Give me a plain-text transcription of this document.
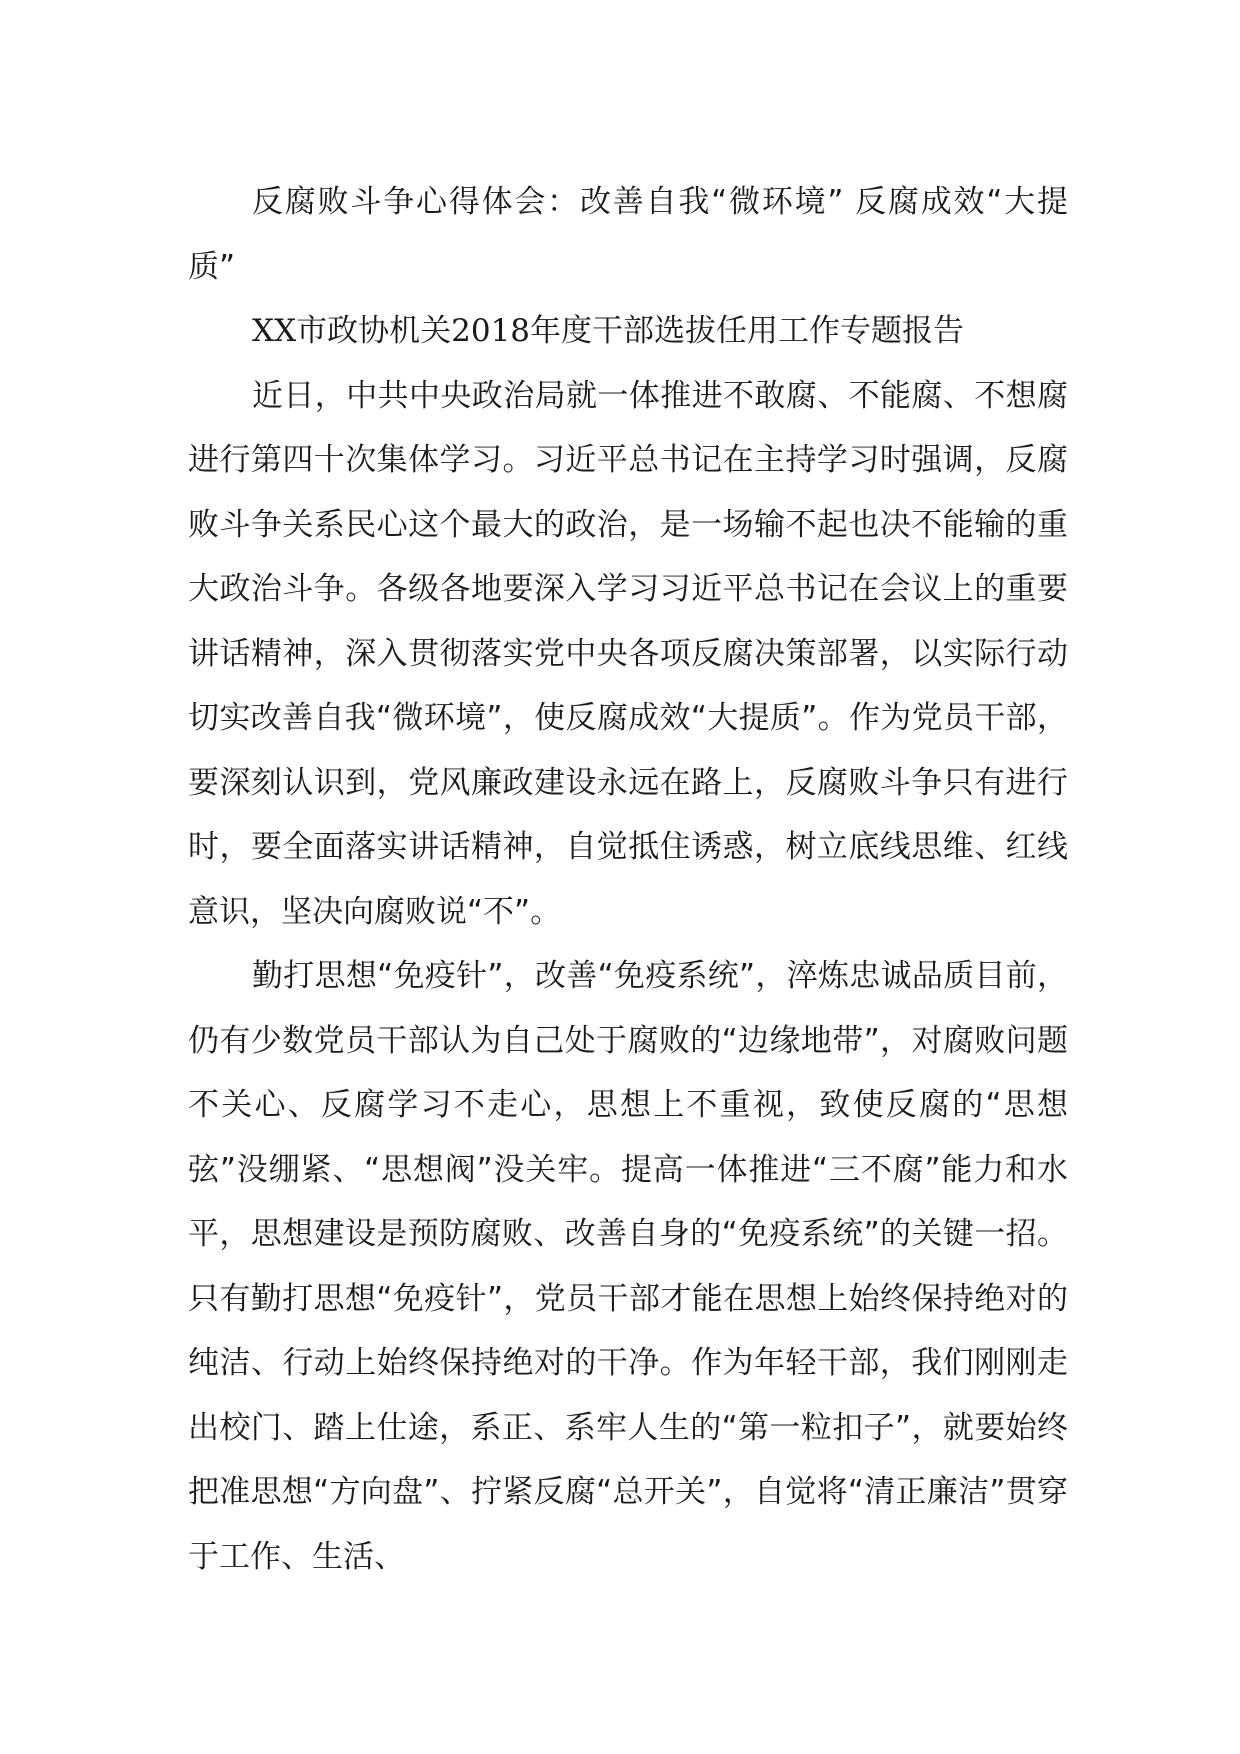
反腐败斗争心得体会：改善自我“微环境” 反腐成效“大提质”

XX市政协机关2018年度干部选拔任用工作专题报告

近日，中共中央政治局就一体推进不敢腐、不能腐、不想腐进行第四十次集体学习。习近平总书记在主持学习时强调，反腐败斗争关系民心这个最大的政治，是一场输不起也决不能输的重大政治斗争。各级各地要深入学习习近平总书记在会议上的重要讲话精神，深入贯彻落实党中央各项反腐决策部署，以实际行动切实改善自我“微环境”，使反腐成效“大提质”。作为党员干部，要深刻认识到，党风廉政建设永远在路上，反腐败斗争只有进行时，要全面落实讲话精神，自觉抵住诱惑，树立底线思维、红线意识，坚决向腐败说“不”。

勤打思想“免疫针”，改善“免疫系统”，淬炼忠诚品质目前，仍有少数党员干部认为自己处于腐败的“边缘地带”，对腐败问题不关心、反腐学习不走心，思想上不重视，致使反腐的“思想弦”没绷紧、“思想阀”没关牢。提高一体推进“三不腐”能力和水平，思想建设是预防腐败、改善自身的“免疫系统”的关键一招。只有勤打思想“免疫针”，党员干部才能在思想上始终保持绝对的纯洁、行动上始终保持绝对的干净。作为年轻干部，我们刚刚走出校门、踏上仕途，系正、系牢人生的“第一粒扣子”，就要始终把准思想“方向盘”、拧紧反腐“总开关”，自觉将“清正廉洁”贯穿于工作、生活、
